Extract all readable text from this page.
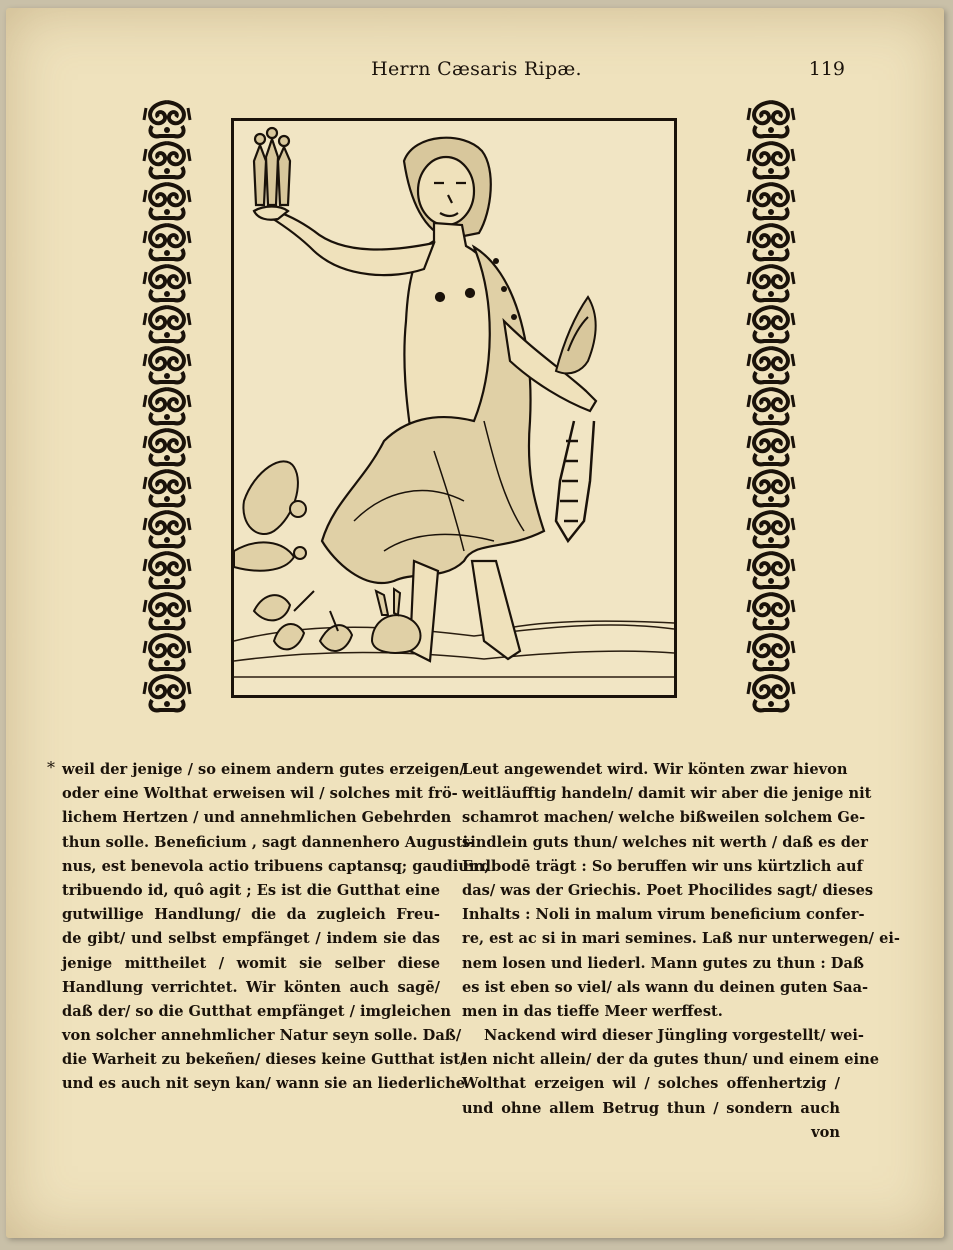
Herrn Cæsaris Ripæ.	119
* weil der jenige / so einem andern gutes erzeigen/
oder eine Wolthat erweisen wil / solches mit frö-
lichem Hertzen / und annehmlichen Gebehrden
thun solle. Beneficium , sagt dannenhero Augusti-
nus, est benevola actio tribuens captansq; gaudium,
tribuendo id, quô agit ; Es ist die Gutthat eine
gutwillige Handlung/ die da zugleich Freu-
de gibt/ und selbst empfänget / indem sie das
jenige mittheilet / womit sie selber diese
Handlung verrichtet. Wir könten auch sagē/
daß der/ so die Gutthat empfänget / imgleichen
von solcher annehmlicher Natur seyn solle. Daß/
die Warheit zu bekeñen/ dieses keine Gutthat ist/
und es auch nit seyn kan/ wann sie an liederliche
Leut angewendet wird. Wir könten zwar hievon
weitläufftig handeln/ damit wir aber die jenige nit
schamrot machen/ welche bißweilen solchem Ge-
sindlein guts thun/ welches nit werth / daß es der
Erdbodē trägt : So beruffen wir uns kürtzlich auf
das/ was der Griechis. Poet Phocilides sagt/ dieses
Inhalts : Noli in malum virum beneficium confer-
re, est ac si in mari semines. Laß nur unterwegen/ ei-
nem losen und liederl. Mann gutes zu thun : Daß
es ist eben so viel/ als wann du deinen guten Saa-
men in das tieffe Meer werffest.
Nackend wird dieser Jüngling vorgestellt/ wei-
len nicht allein/ der da gutes thun/ und einem eine
Wolthat erzeigen wil / solches offenhertzig /
und ohne allem Betrug thun / sondern auch
von
